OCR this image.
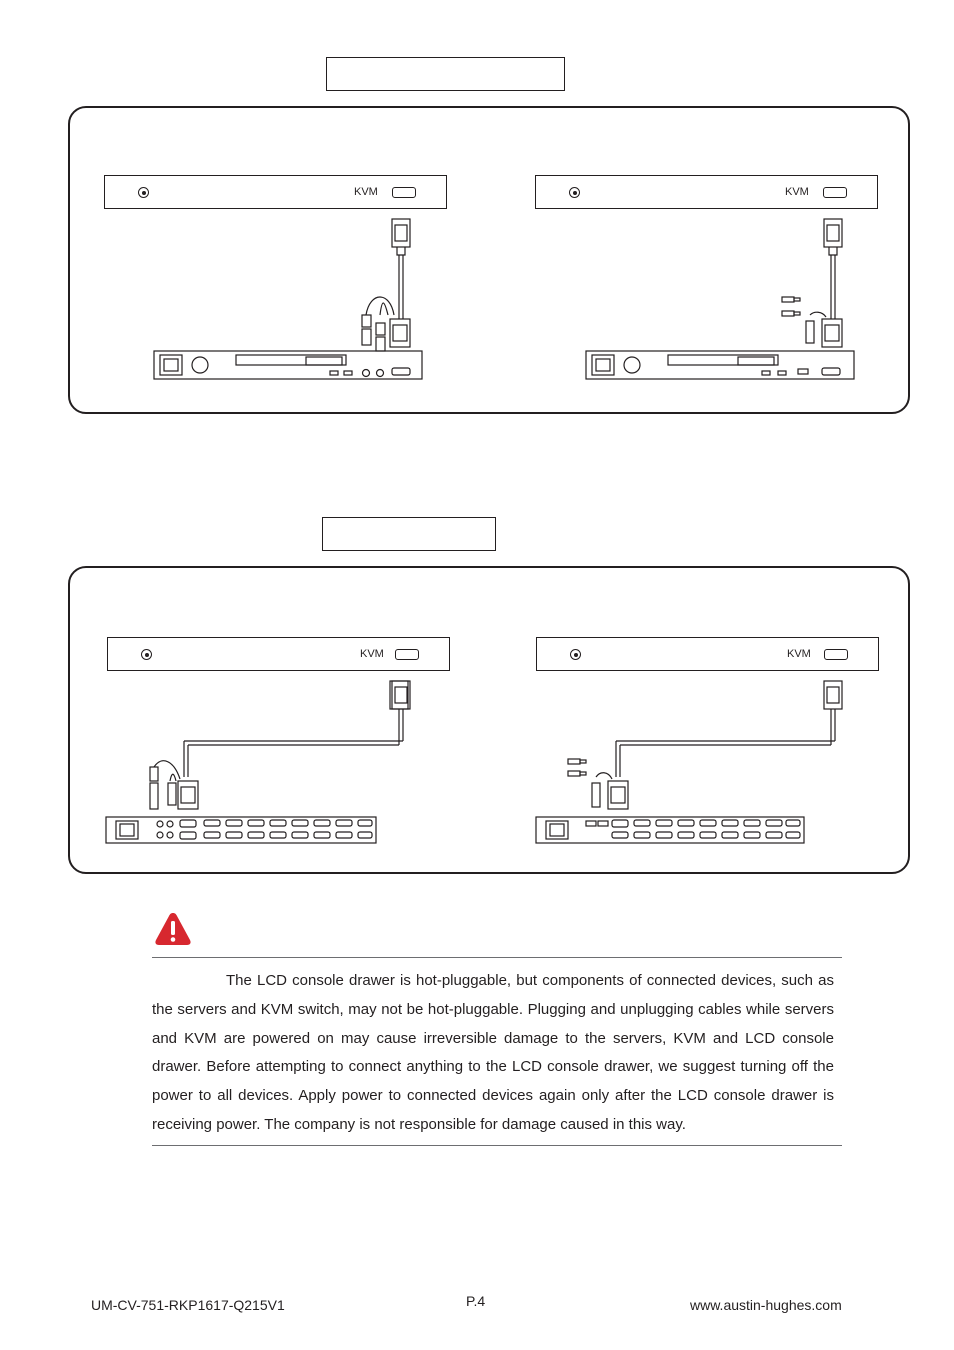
KVM	KVM
KVM	KVM
The LCD console drawer is hot-pluggable, but components of connected devices, such as the servers and KVM switch, may not be hot-pluggable. Plugging and unplugging cables while servers and KVM are powered on may cause irreversible damage to the servers, KVM and LCD console drawer. Before attempting to connect anything to the LCD console drawer, we suggest turning off the power to all devices. Apply power to connected devices again only after the LCD console drawer is receiving power. The company is not responsible for damage caused in this way.
UM-CV-751-RKP1617-Q215V1	P.4	www.austin-hughes.com
